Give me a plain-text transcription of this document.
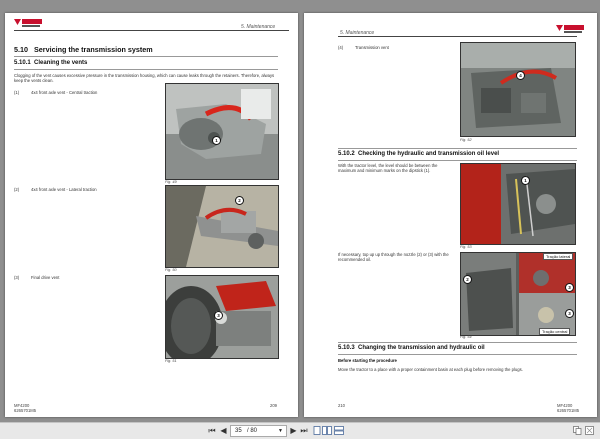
5. Maintenance
5.10 Servicing the transmission system
5.10.1 Cleaning the vents
Clogging of the vent causes excessive pressure in the transmission housing, which can cause leaks through the retainers. Therefore, always keep the vents clean.
(1)	4x4 front axle vent - Central traction
1
Fig. 49
(2)	4x4 front axle vent - Lateral traction
2
Fig. 50
(3)	Final drive vent
3
Fig. 51
MF4200
6265701M5
209
5. Maintenance
(4)	Transmission vent
4
Fig. 52
5.10.2 Checking the hydraulic and transmission oil level
With the tractor level, the level should be between the maximum and minimum marks on the dipstick (1).
1
Fig. 53
If necessary, top up up through the nozzle (2) or (3) with the recommended oil.
Tração lateral
Tração central
2
3
3
Fig. 54
5.10.3 Changing the transmission and hydraulic oil
Before starting the procedure
Move the tractor to a place with a proper containment basin at each plug before removing the plugs.
210	MF4200
6265701M5
⏮ ◀ 35 / 80	▼ ▶ ⏭
